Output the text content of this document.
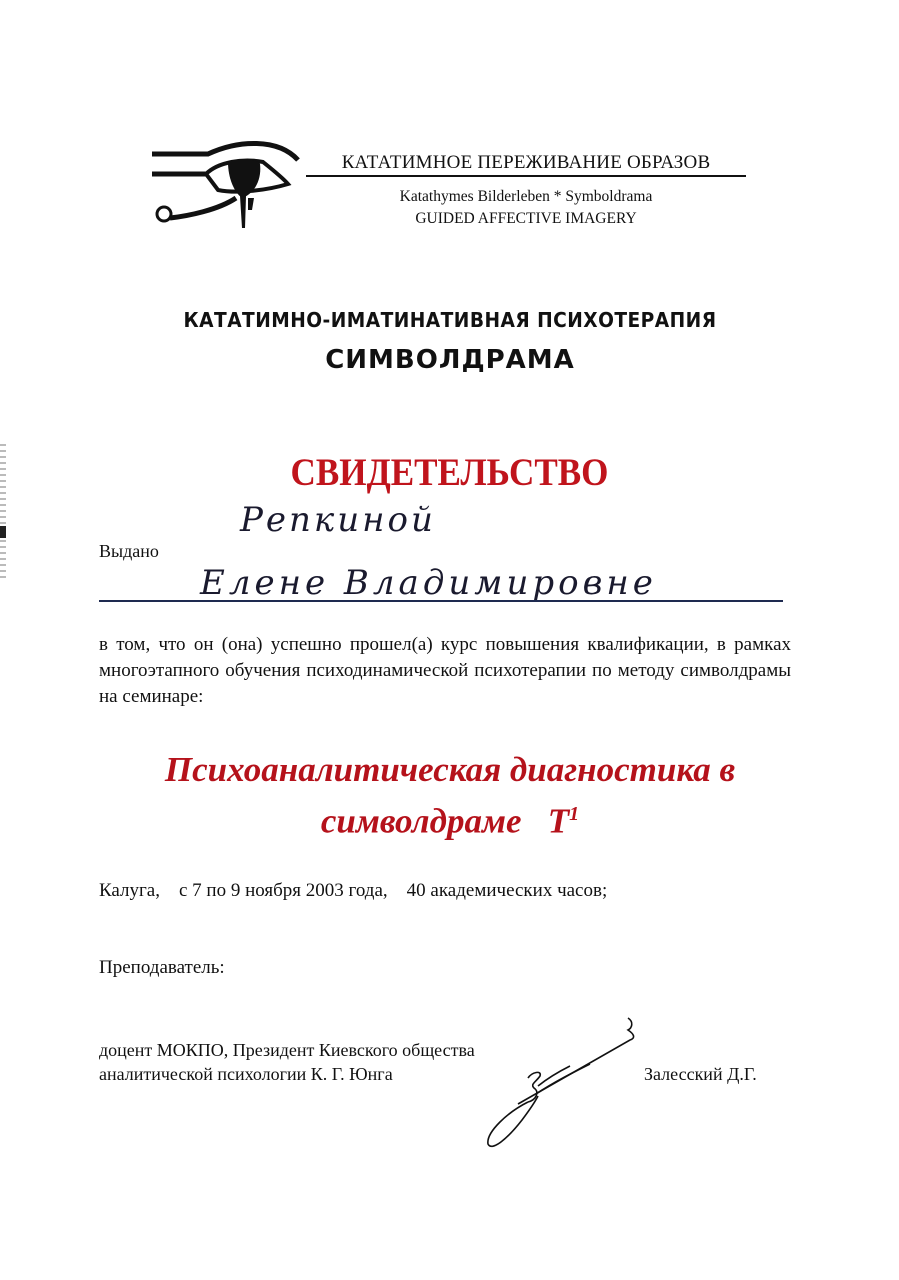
КАТАТИМНОЕ ПЕРЕЖИВАНИЕ ОБРАЗОВ
Katathymes Bilderleben * Symboldrama
GUIDED AFFECTIVE IMAGERY
КАТАТИМНО-ИМАТИНАТИВНАЯ ПСИХОТЕРАПИЯ
СИМВОЛДРАМА
СВИДЕТЕЛЬСТВО
Выдано
Репкиной
Елене Владимировне
в том, что он (она) успешно прошел(а) курс повышения квалификации, в рамках многоэтапного обучения психодинамической психотерапии по методу символдрамы на семинаре:
Психоаналитическая диагностика в
символдраме $T^1$
Калуга, с 7 по 9 ноября 2003 года, 40 академических часов;
Преподаватель:
доцент МОКПО, Президент Киевского общества
аналитической психологии К. Г. Юнга	Залесский Д.Г.
